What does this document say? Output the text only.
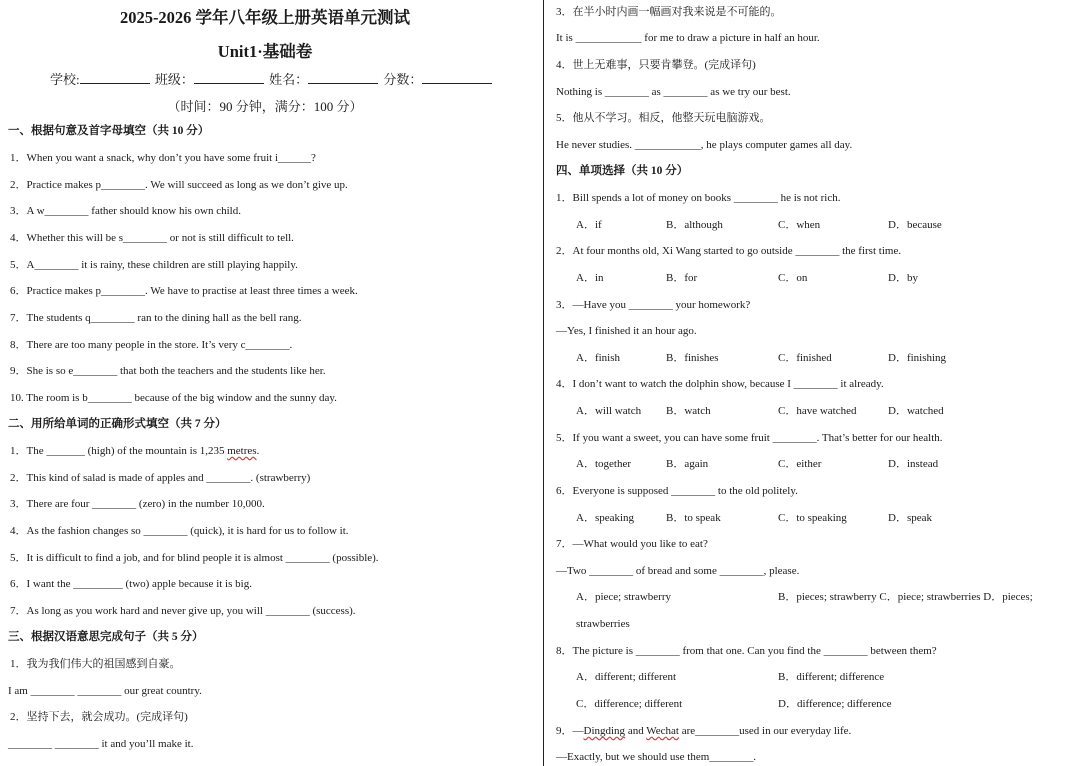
2025-2026 学年八年级上册英语单元测试
Unit1·基础卷
学校:	班级：	姓名：	分数：
（时间：90 分钟，满分：100 分）
一、根据句意及首字母填空（共 10 分）
1．When you want a snack, why don’t you have some fruit i______?
2．Practice makes p________. We will succeed as long as we don’t give up.
3．A w________ father should know his own child.
4．Whether this will be s________ or not is still difficult to tell.
5．A________ it is rainy, these children are still playing happily.
6．Practice makes p________. We have to practise at least three times a week.
7．The students q________ ran to the dining hall as the bell rang.
8．There are too many people in the store. It’s very c________.
9．She is so e________ that both the teachers and the students like her.
10. The room is b________ because of the big window and the sunny day.
二、用所给单词的正确形式填空（共 7 分）
1．The _______ (high) of the mountain is 1,235 metres.
2．This kind of salad is made of apples and ________. (strawberry)
3．There are four ________ (zero) in the number 10,000.
4．As the fashion changes so ________ (quick), it is hard for us to follow it.
5．It is difficult to find a job, and for blind people it is almost ________ (possible).
6．I want the _________ (two) apple because it is big.
7．As long as you work hard and never give up, you will ________ (success).
三、根据汉语意思完成句子（共 5 分）
1．我为我们伟大的祖国感到自豪。
I am ________ ________ our great country.
2．坚持下去，就会成功。(完成译句)
________ ________ it and you’ll make it.
3．在半小时内画一幅画对我来说是不可能的。
It is ____________ for me to draw a picture in half an hour.
4．世上无难事，只要肯攀登。(完成译句)
Nothing is ________ as ________ as we try our best.
5．他从不学习。相反，他整天玩电脑游戏。
He never studies. ____________, he plays computer games all day.
四、单项选择（共 10 分）
1．Bill spends a lot of money on books ________ he is not rich.
A．if	B．although	C．when	D．because
2．At four months old, Xi Wang started to go outside ________ the first time.
A．in	B．for	C．on	D．by
3．—Have you ________ your homework?
—Yes, I finished it an hour ago.
A．finish	B．finishes	C．finished	D．finishing
4．I don’t want to watch the dolphin show, because I ________ it already.
A．will watch B．watch	C．have watched	D．watched
5．If you want a sweet, you can have some fruit ________. That’s better for our health.
A．together	B．again	C．either	D．instead
6．Everyone is supposed ________ to the old politely.
A．speaking	B．to speak	C．to speaking	D．speak
7．—What would you like to eat?
—Two ________ of bread and some ________, please.
A．piece; strawberry	B．pieces; strawberry C．piece; strawberries D．pieces;
strawberries
8．The picture is ________ from that one. Can you find the ________ between them?
A．different; different	B．different; difference
C．difference; different	D．difference; difference
9．—Dingding and Wechat are________used in our everyday life.
—Exactly, but we should use them________.
